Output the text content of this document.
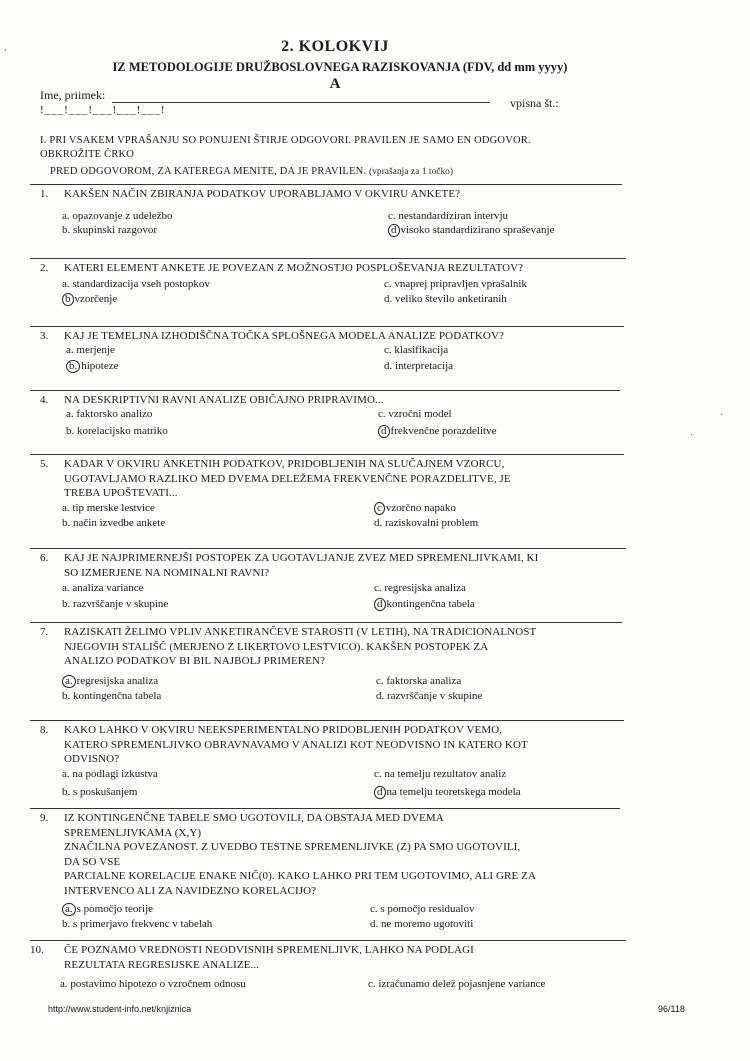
2. KOLOKVIJ
IZ METODOLOGIJE DRUŽBOSLOVNEGA RAZISKOVANJA (FDV, dd mm yyyy)
A
Ime, priimek:
vpisna št.:
!___!___!___!___!___!
I. PRI VSAKEM VPRAŠANJU SO PONUJENI ŠTIRJE ODGOVORI. PRAVILEN JE SAMO EN ODGOVOR.
OBKROŽITE ČRKO
PRED ODGOVOROM, ZA KATEREGA MENITE, DA JE PRAVILEN. (vprašanja za 1 točko)
1. KAKŠEN NAČIN ZBIRANJA PODATKOV UPORABLJAMO V OKVIRU ANKETE?
a. opazovanje z udeležbo
b. skupinski razgovor
c. nestandardiziran intervju
d visoko standardizirano spraševanje
2. KATERI ELEMENT ANKETE JE POVEZAN Z MOŽNOSTJO POSPLOŠEVANJA REZULTATOV?
a. standardizacija vseh postopkov
b vzorčenje
c. vnaprej pripravljen vprašalnik
d. veliko število anketiranih
3. KAJ JE TEMELJNA IZHODIŠČNA TOČKA SPLOŠNEGA MODELA ANALIZE PODATKOV?
a. merjenje
b. hipoteze
c. klasifikacija
d. interpretacija
4. NA DESKRIPTIVNI RAVNI ANALIZE OBIČAJNO PRIPRAVIMO...
a. faktorsko analizo
b. korelacijsko matriko
c. vzročni model
d frekvenčne porazdelitve
5. KADAR V OKVIRU ANKETNIH PODATKOV, PRIDOBLJENIH NA SLUČAJNEM VZORCU,
UGOTAVLJAMO RAZLIKO MED DVEMA DELEŽEMA FREKVENČNE PORAZDELITVE, JE
TREBA UPOŠTEVATI...
a. tip merske lestvice
b. način izvedbe ankete
c vzorčno napako
d. raziskovalni problem
6. KAJ JE NAJPRIMERNEJŠI POSTOPEK ZA UGOTAVLJANJE ZVEZ MED SPREMENLJIVKAMI, KI
SO IZMERJENE NA NOMINALNI RAVNI?
a. analiza variance
b. razvrščanje v skupine
c. regresijska analiza
d kontingenčna tabela
7. RAZISKATI ŽELIMO VPLIV ANKETIRANČEVE STAROSTI (V LETIH), NA TRADICIONALNOST
NJEGOVIH STALIŠČ (MERJENO Z LIKERTOVO LESTVICO). KAKŠEN POSTOPEK ZA
ANALIZO PODATKOV BI BIL NAJBOLJ PRIMEREN?
a. regresijska analiza
b. kontingenčna tabela
c. faktorska analiza
d. razvrščanje v skupine
8. KAKO LAHKO V OKVIRU NEEKSPERIMENTALNO PRIDOBLJENIH PODATKOV VEMO,
KATERO SPREMENLJIVKO OBRAVNAVAMO V ANALIZI KOT NEODVISNO IN KATERO KOT
ODVISNO?
a. na podlagi izkustva
b. s poskušanjem
c. na temelju rezultatov analiz
d na temelju teoretskega modela
9. IZ KONTINGENČNE TABELE SMO UGOTOVILI, DA OBSTAJA MED DVEMA
SPREMENLJIVKAMA (X,Y)
ZNAČILNA POVEZANOST. Z UVEDBO TESTNE SPREMENLJIVKE (Z) PA SMO UGOTOVILI,
DA SO VSE
PARCIALNE KORELACIJE ENAKE NIČ(0). KAKO LAHKO PRI TEM UGOTOVIMO, ALI GRE ZA
INTERVENCO ALI ZA NAVIDEZNO KORELACIJO?
a. s pomočjo teorije
b. s primerjavo frekvenc v tabelah
c. s pomočjo residualov
d. ne moremo ugotoviti
10. ČE POZNAMO VREDNOSTI NEODVISNIH SPREMENLJIVK, LAHKO NA PODLAGI
REZULTATA REGRESIJSKE ANALIZE...
a. postavimo hipotezo o vzročnem odnosu	c. izračunamo delež pojasnjene variance
,
·
·
http://www.student-info.net/knjiznica	96/118
